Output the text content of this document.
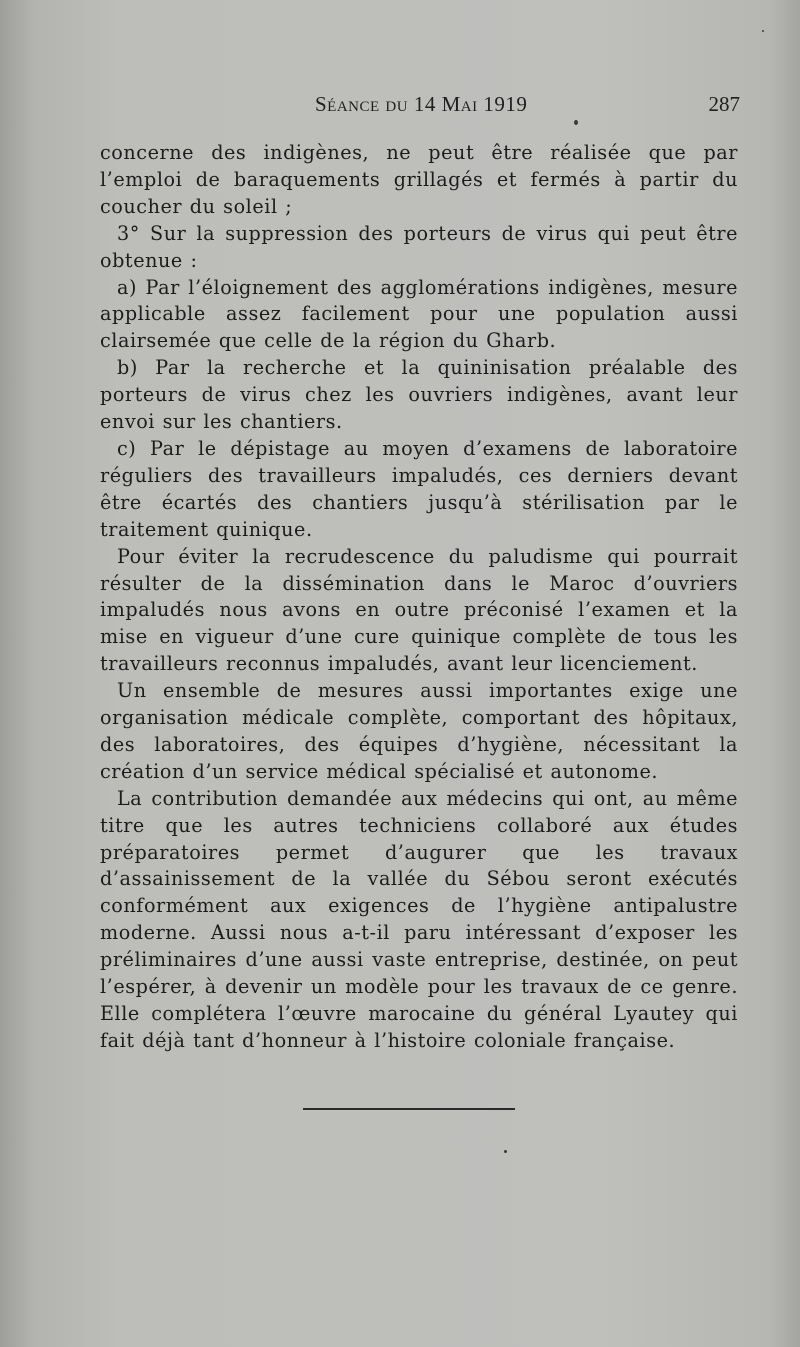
Séance du 14 Mai 1919	287

concerne des indigènes, ne peut être réalisée que par l’emploi de baraquements grillagés et fermés à partir du coucher du soleil ;

3° Sur la suppression des porteurs de virus qui peut être obtenue :

a) Par l’éloignement des agglomérations indigènes, mesure applicable assez facilement pour une population aussi clairsemée que celle de la région du Gharb.

b) Par la recherche et la quininisation préalable des porteurs de virus chez les ouvriers indigènes, avant leur envoi sur les chantiers.

c) Par le dépistage au moyen d’examens de laboratoire réguliers des travailleurs impaludés, ces derniers devant être écartés des chantiers jusqu’à stérilisation par le traitement quinique.

Pour éviter la recrudescence du paludisme qui pourrait résulter de la dissémination dans le Maroc d’ouvriers impaludés nous avons en outre préconisé l’examen et la mise en vigueur d’une cure quinique complète de tous les travailleurs reconnus impaludés, avant leur licenciement.

Un ensemble de mesures aussi importantes exige une organisation médicale complète, comportant des hôpitaux, des laboratoires, des équipes d’hygiène, nécessitant la création d’un service médical spécialisé et autonome.

La contribution demandée aux médecins qui ont, au même titre que les autres techniciens collaboré aux études préparatoires permet d’augurer que les travaux d’assainissement de la vallée du Sébou seront exécutés conformément aux exigences de l’hygiène antipalustre moderne. Aussi nous a-t-il paru intéressant d’exposer les préliminaires d’une aussi vaste entreprise, destinée, on peut l’espérer, à devenir un modèle pour les travaux de ce genre. Elle complétera l’œuvre marocaine du général Lyautey qui fait déjà tant d’honneur à l’histoire coloniale française.
